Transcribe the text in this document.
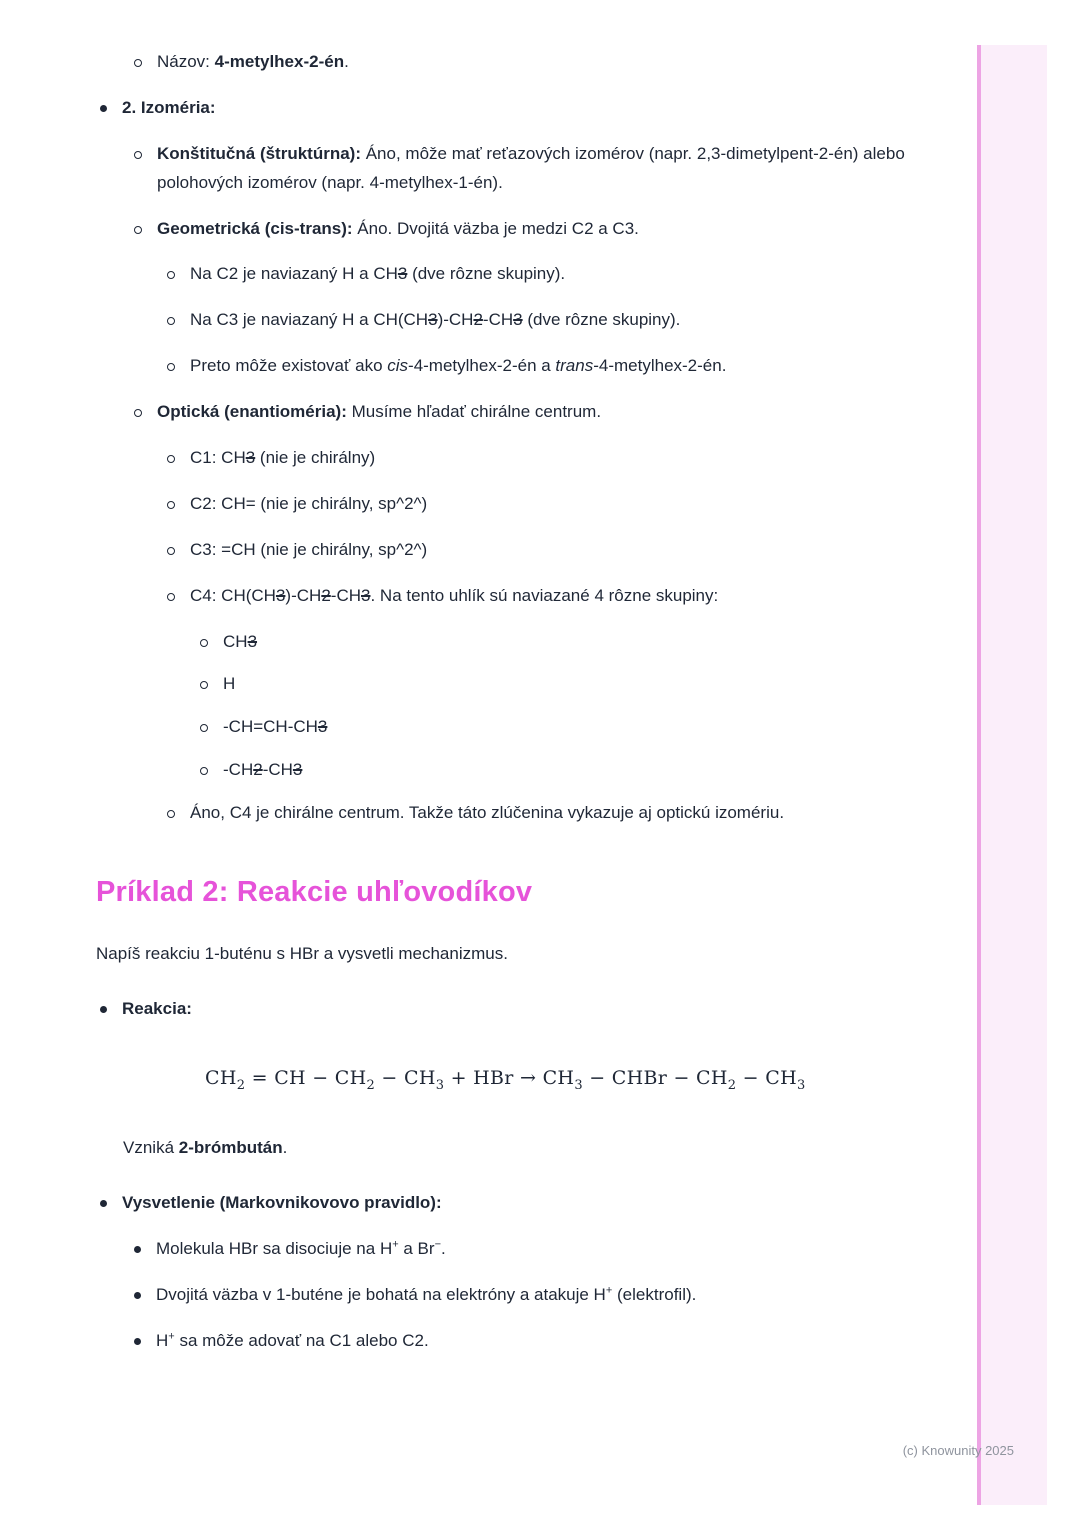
Názov: 4-metylhex-2-én.
2. Izoméria:
Konštitučná (štruktúrna): Áno, môže mať reťazových izomérov (napr. 2,3-dimetylpent-2-én) alebo polohových izomérov (napr. 4-metylhex-1-én).
Geometrická (cis-trans): Áno. Dvojitá väzba je medzi C2 a C3.
Na C2 je naviazaný H a CH3 (dve rôzne skupiny).
Na C3 je naviazaný H a CH(CH3)-CH2-CH3 (dve rôzne skupiny).
Preto môže existovať ako cis-4-metylhex-2-én a trans-4-metylhex-2-én.
Optická (enantioméria): Musíme hľadať chirálne centrum.
C1: CH3 (nie je chirálny)
C2: CH= (nie je chirálny, sp^2^)
C3: =CH (nie je chirálny, sp^2^)
C4: CH(CH3)-CH2-CH3. Na tento uhlík sú naviazané 4 rôzne skupiny:
CH3
H
-CH=CH-CH3
-CH2-CH3
Áno, C4 je chirálne centrum. Takže táto zlúčenina vykazuje aj optickú izomériu.
Príklad 2: Reakcie uhľovodíkov

Napíš reakciu 1-buténu s HBr a vysvetli mechanizmus.

Reakcia:
$CH_2$ = CH − $CH_2 - CH_3$ + HBr → $CH_3$ − CHBr − $CH_2 - CH_3$

Vzniká 2-brómbután.

Vysvetlenie (Markovnikovovo pravidlo):
Molekula HBr sa disociuje na H+ a Br−.
Dvojitá väzba v 1-buténe je bohatá na elektróny a atakuje H+ (elektrofil).
H+ sa môže adovať na C1 alebo C2.
(c) Knowunity 2025
